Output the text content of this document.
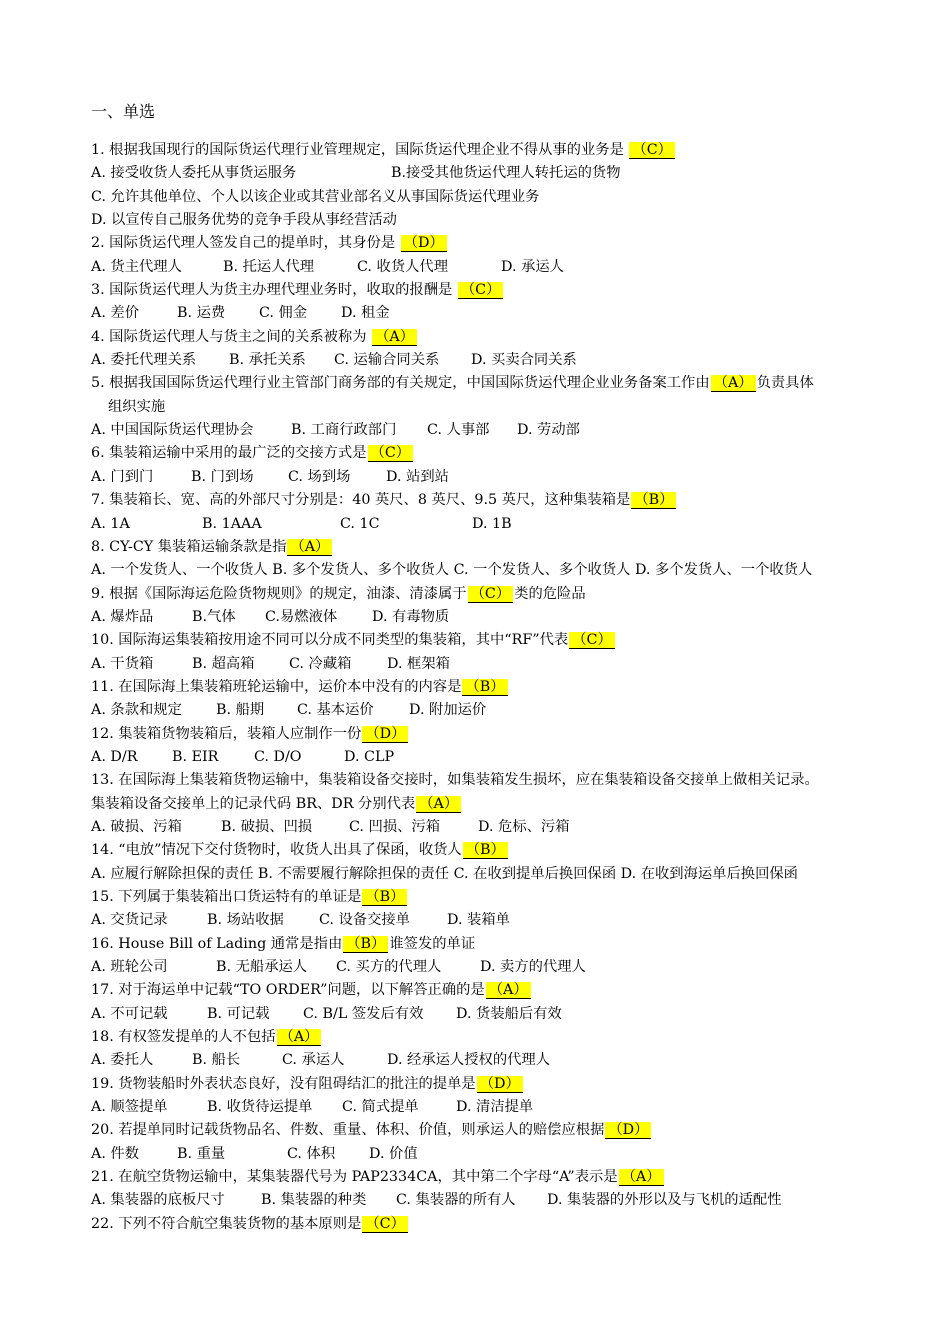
一、单选
1. 根据我国现行的国际货运代理行业管理规定，国际货运代理企业不得从事的业务是 （C）
A. 接受收货人委托从事货运服务	B.接受其他货运代理人转托运的货物
C. 允许其他单位、个人以该企业或其营业部名义从事国际货运代理业务
D. 以宣传自己服务优势的竞争手段从事经营活动
2. 国际货运代理人签发自己的提单时，其身份是 （D）
A. 货主代理人	B. 托运人代理	C. 收货人代理	D. 承运人
3. 国际货运代理人为货主办理代理业务时，收取的报酬是 （C）
A. 差价	B. 运费 C. 佣金 D. 租金
4. 国际货运代理人与货主之间的关系被称为 （A）
A. 委托代理关系 B. 承托关系 C. 运输合同关系 D. 买卖合同关系
5. 根据我国国际货运代理行业主管部门商务部的有关规定，中国国际货运代理企业业务备案工作由 （A） 负责具体
组织实施
A. 中国国际货运代理协会	B. 工商行政部门 C. 人事部 D. 劳动部
6. 集装箱运输中采用的最广泛的交接方式是 （C）
A. 门到门	B. 门到场 C. 场到场 D. 站到站
7. 集装箱长、宽、高的外部尺寸分别是：40 英尺、8 英尺、9.5 英尺，这种集装箱是 （B）
A. 1A	B. 1AAA	C. 1C	D. 1B
8. CY-CY 集装箱运输条款是指 （A）
A. 一个发货人、一个收货人 B. 多个发货人、多个收货人 C. 一个发货人、多个收货人 D. 多个发货人、一个收货人
9. 根据《国际海运危险货物规则》的规定，油漆、清漆属于 （C） 类的危险品
A. 爆炸品	B.气体 C.易燃液体 D. 有毒物质
10. 国际海运集装箱按用途不同可以分成不同类型的集装箱，其中“RF”代表 （C）
A. 干货箱	B. 超高箱 C. 冷藏箱 D. 框架箱
11. 在国际海上集装箱班轮运输中，运价本中没有的内容是 （B）
A. 条款和规定 B. 船期 C. 基本运价 D. 附加运价
12. 集装箱货物装箱后，装箱人应制作一份 （D）
A. D/R B. EIR C. D/O	D. CLP
13. 在国际海上集装箱货物运输中，集装箱设备交接时，如集装箱发生损坏，应在集装箱设备交接单上做相关记录。
集装箱设备交接单上的记录代码 BR、DR 分别代表 （A）
A. 破损、污箱	B. 破损、凹损	C. 凹损、污箱	D. 危标、污箱
14. “电放”情况下交付货物时，收货人出具了保函，收货人 （B）
A. 应履行解除担保的责任 B. 不需要履行解除担保的责任 C. 在收到提单后换回保函 D. 在收到海运单后换回保函
15. 下列属于集装箱出口货运特有的单证是 （B）
A. 交货记录	B. 场站收据 C. 设备交接单	D. 装箱单
16. House Bill of Lading 通常是指由 （B） 谁签发的单证
A. 班轮公司	B. 无船承运人 C. 买方的代理人	D. 卖方的代理人
17. 对于海运单中记载“TO ORDER”问题，以下解答正确的是 （A）
A. 不可记载	B. 可记载 C. B/L 签发后有效 D. 货装船后有效
18. 有权签发提单的人不包括 （A）
A. 委托人	B. 船长	C. 承运人	D. 经承运人授权的代理人
19. 货物装船时外表状态良好，没有阻碍结汇的批注的提单是 （D）
A. 顺签提单	B. 收货待运提单 C. 简式提单	D. 清洁提单
20. 若提单同时记载货物品名、件数、重量、体积、价值，则承运人的赔偿应根据 （D）
A. 件数	B. 重量	C. 体积 D. 价值
21. 在航空货物运输中，某集装器代号为 PAP2334CA，其中第二个字母“A”表示是 （A）
A. 集装器的底板尺寸	B. 集装器的种类 C. 集装器的所有人 D. 集装器的外形以及与飞机的适配性
22. 下列不符合航空集装货物的基本原则是 （C）
